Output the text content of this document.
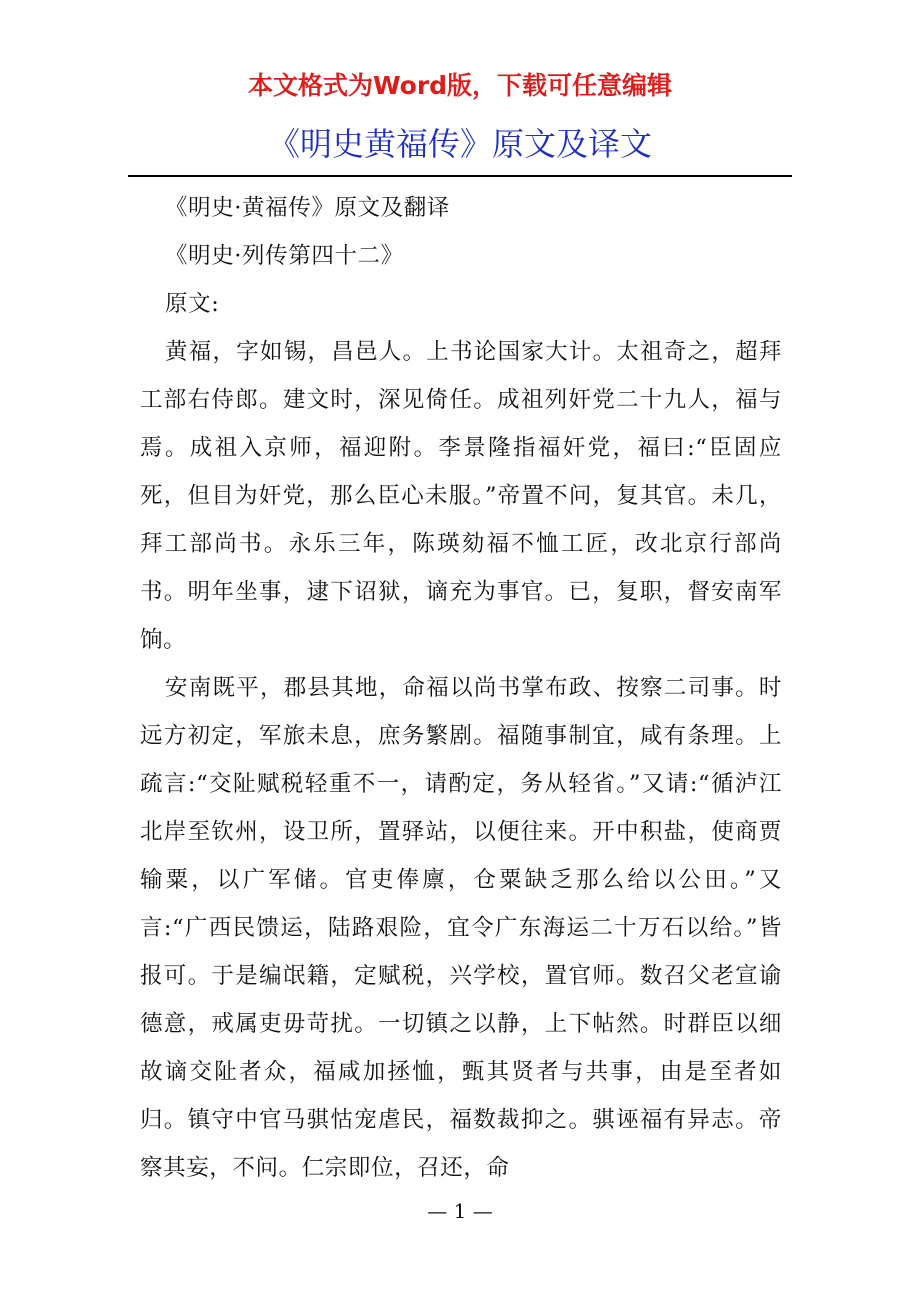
本文格式为Word版，下载可任意编辑
《明史黄福传》原文及译文

《明史·黄福传》原文及翻译

《明史·列传第四十二》

原文:

黄福，字如锡，昌邑人。上书论国家大计。太祖奇之，超拜工部右侍郎。建文时，深见倚任。成祖列奸党二十九人，福与焉。成祖入京师，福迎附。李景隆指福奸党，福曰:“臣固应死，但目为奸党，那么臣心未服。”帝置不问，复其官。未几，拜工部尚书。永乐三年，陈瑛劾福不恤工匠，改北京行部尚书。明年坐事，逮下诏狱，谪充为事官。已，复职，督安南军饷。

安南既平，郡县其地，命福以尚书掌布政、按察二司事。时远方初定，军旅未息，庶务繁剧。福随事制宜，咸有条理。上疏言:“交阯赋税轻重不一，请酌定，务从轻省。”又请:“循泸江北岸至钦州，设卫所，置驿站，以便往来。开中积盐，使商贾输粟，以广军储。官吏俸廪，仓粟缺乏那么给以公田。”又言:“广西民馈运，陆路艰险，宜令广东海运二十万石以给。”皆报可。于是编氓籍，定赋税，兴学校，置官师。数召父老宣谕德意，戒属吏毋苛扰。一切镇之以静，上下帖然。时群臣以细故谪交阯者众，福咸加拯恤，甄其贤者与共事，由是至者如归。镇守中官马骐怙宠虐民，福数裁抑之。骐诬福有异志。帝察其妄，不问。仁宗即位，召还，命

— 1 —
